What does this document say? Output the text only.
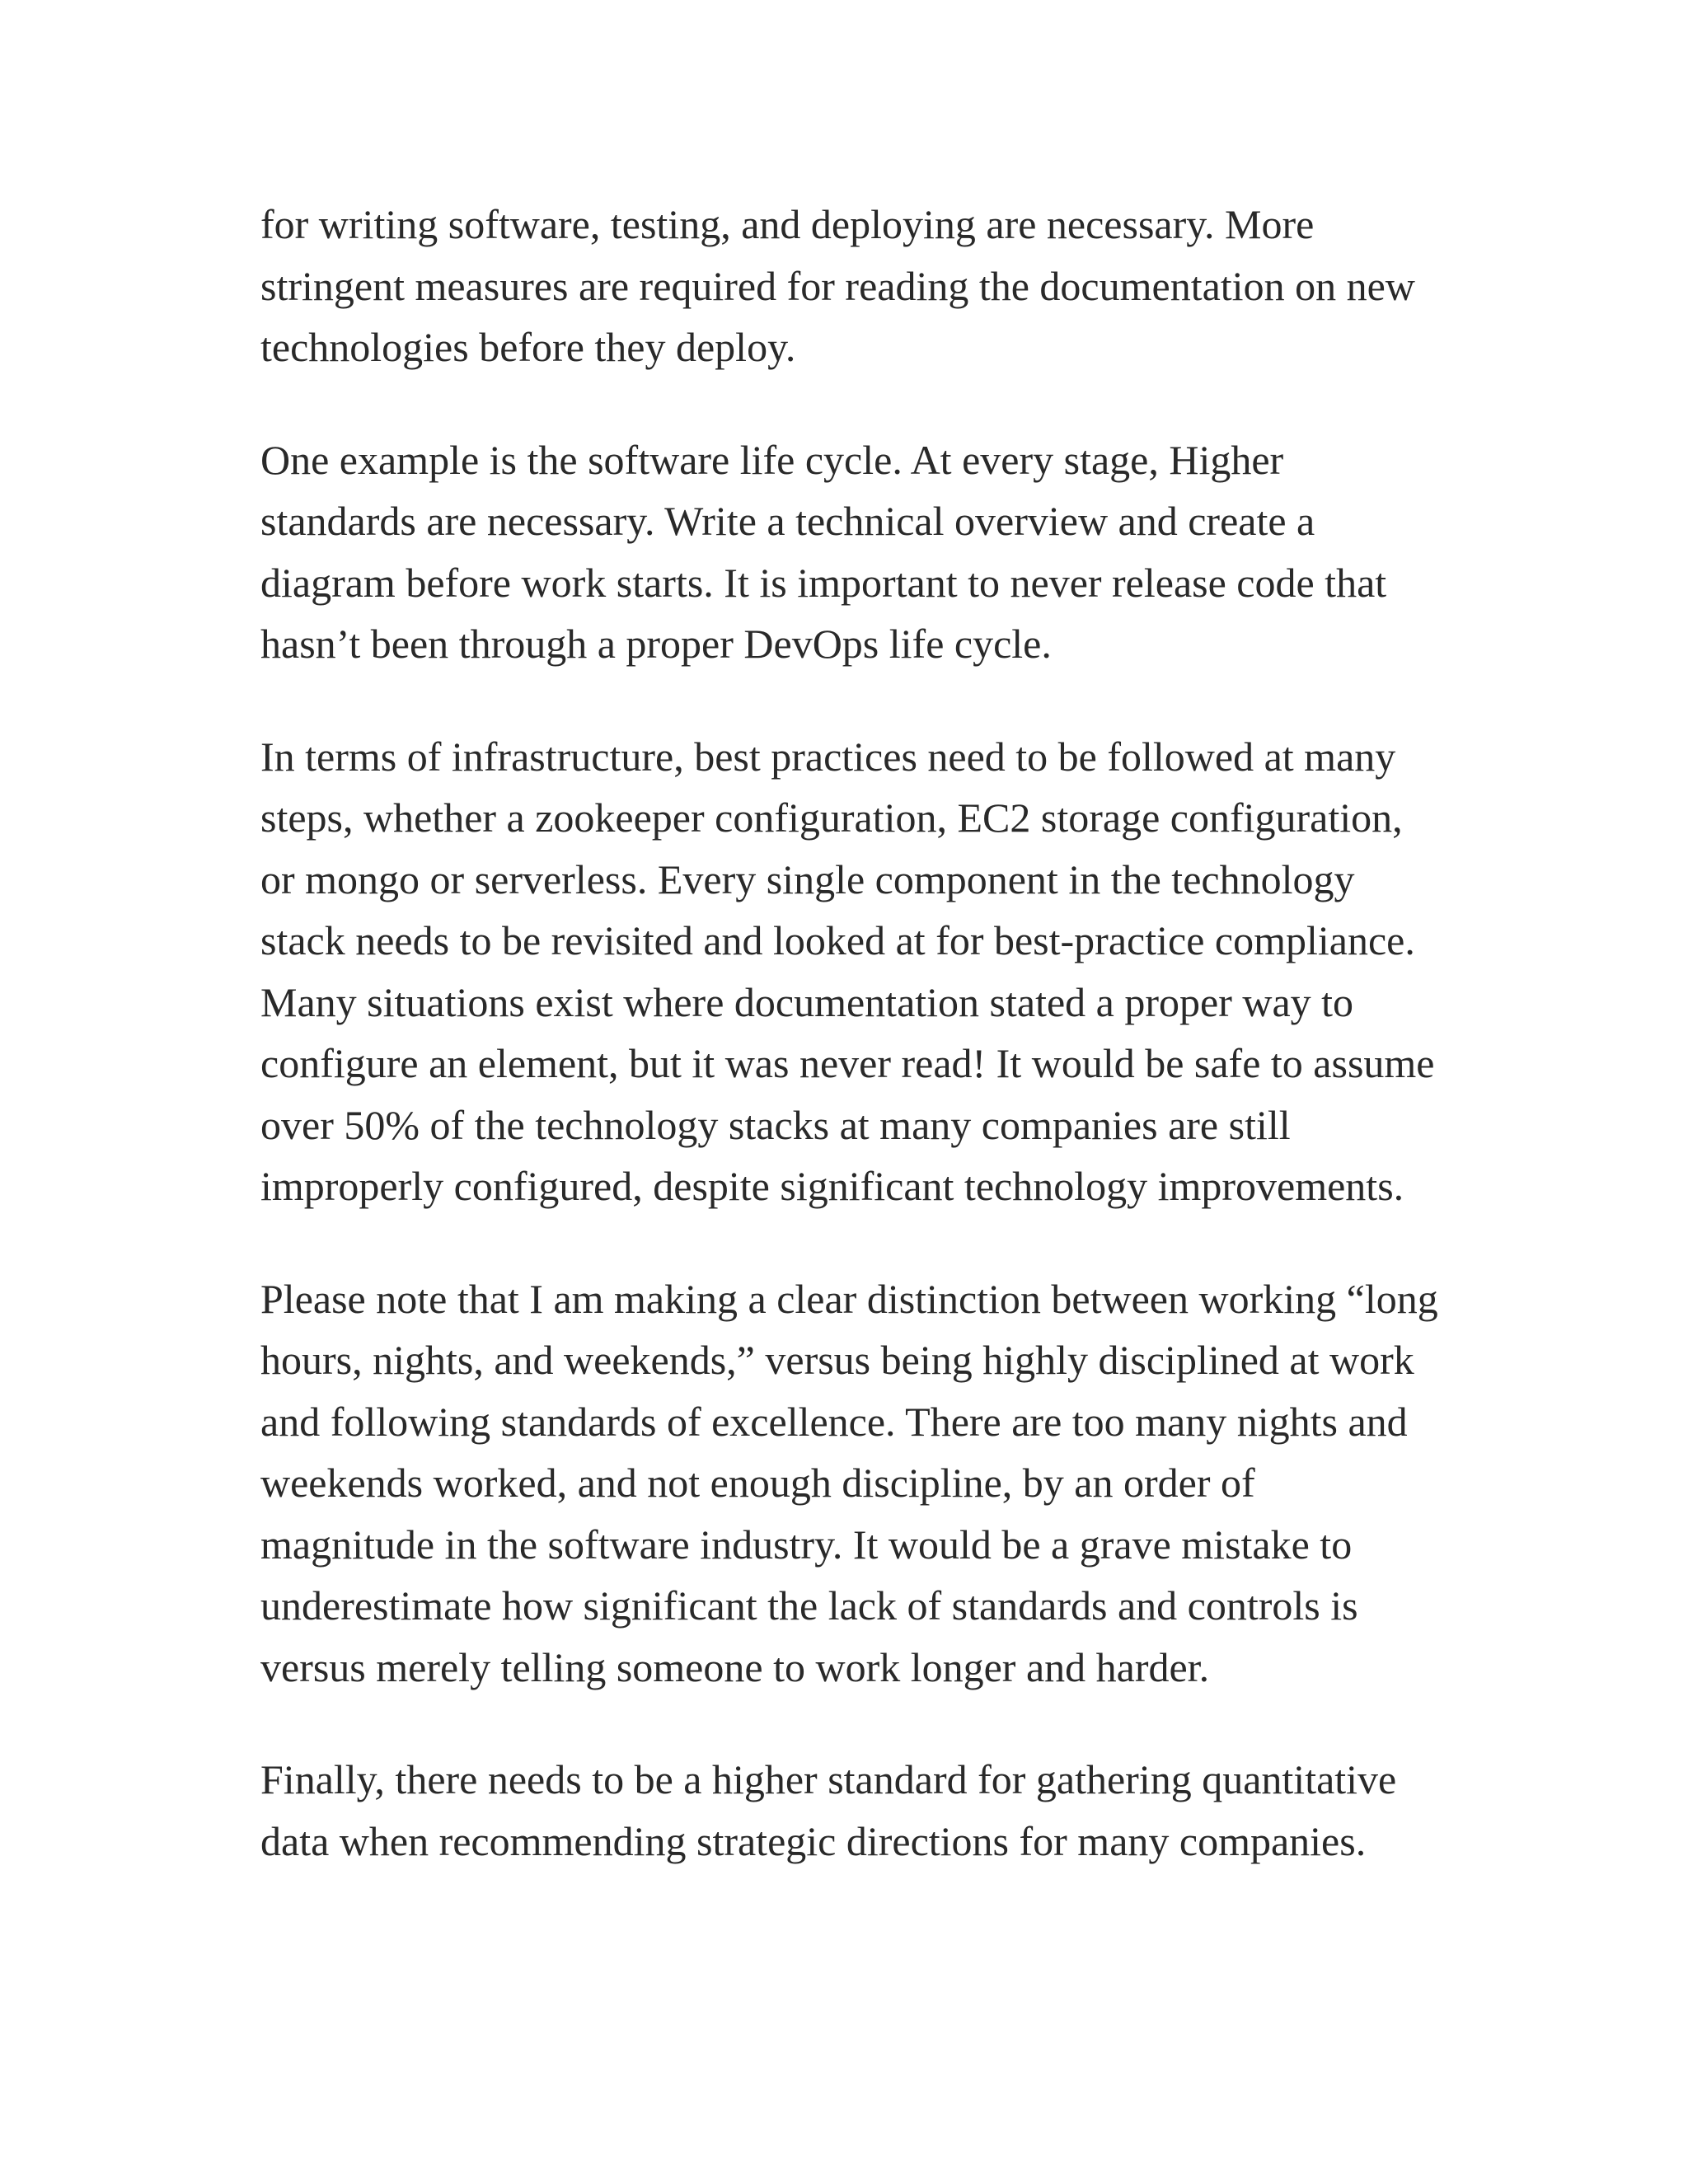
for writing software, testing, and deploying are necessary. More stringent measures are required for reading the documentation on new technologies before they deploy.

One example is the software life cycle. At every stage, Higher standards are necessary. Write a technical overview and create a diagram before work starts. It is important to never release code that hasn’t been through a proper DevOps life cycle.

In terms of infrastructure, best practices need to be followed at many steps, whether a zookeeper configuration, EC2 storage configuration, or mongo or serverless. Every single component in the technology stack needs to be revisited and looked at for best-practice compliance. Many situations exist where documentation stated a proper way to configure an element, but it was never read! It would be safe to assume over 50% of the technology stacks at many companies are still improperly configured, despite significant technology improvements.

Please note that I am making a clear distinction between working “long hours, nights, and weekends,” versus being highly disciplined at work and following standards of excellence. There are too many nights and weekends worked, and not enough discipline, by an order of magnitude in the software industry. It would be a grave mistake to underestimate how significant the lack of standards and controls is versus merely telling someone to work longer and harder.

Finally, there needs to be a higher standard for gathering quantitative data when recommending strategic directions for many companies.
